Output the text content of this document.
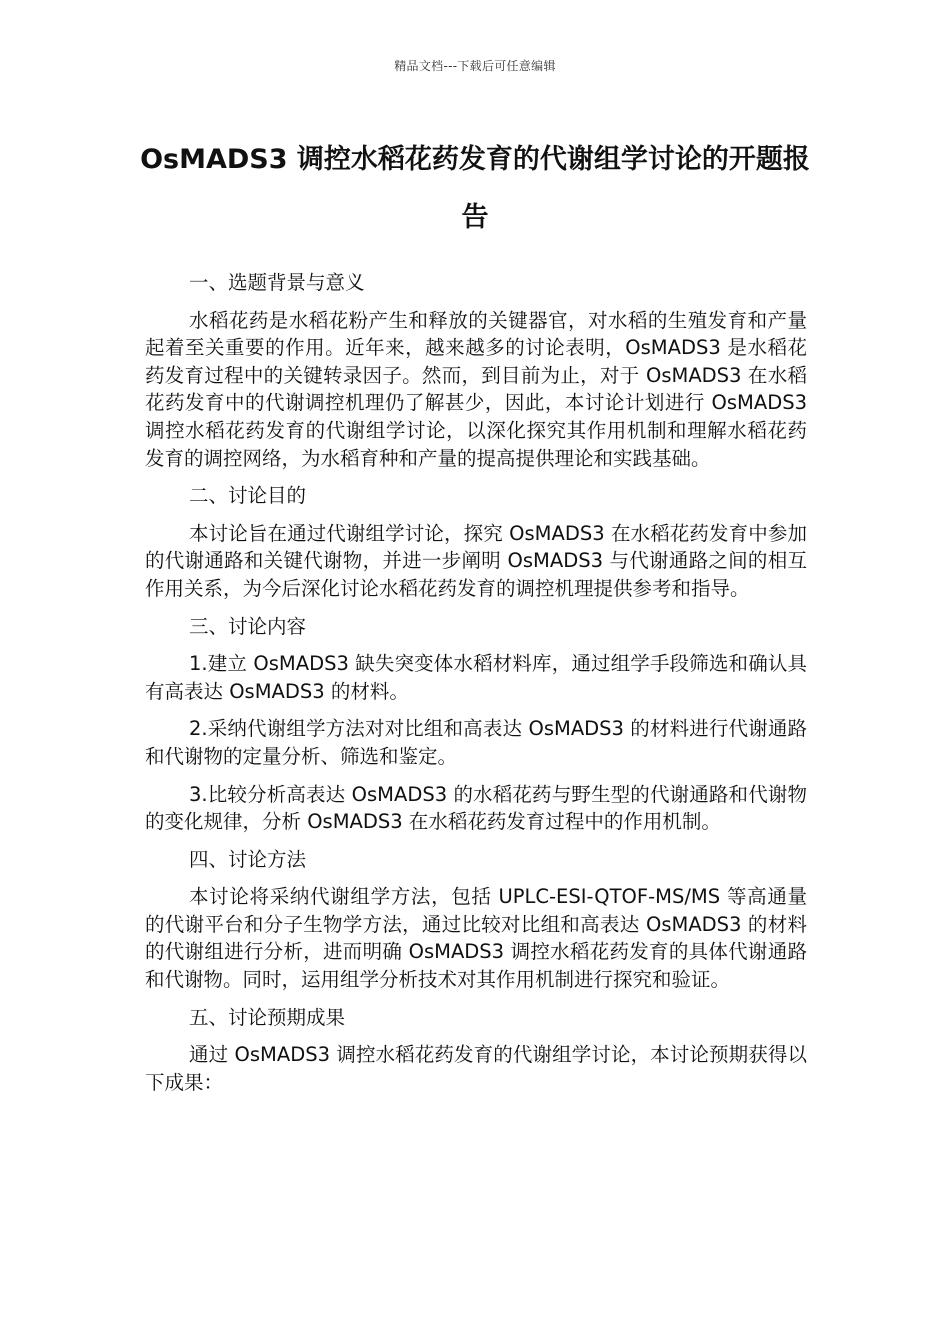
精品文档---下载后可任意编辑
OsMADS3 调控水稻花药发育的代谢组学讨论的开题报告

一、选题背景与意义

水稻花药是水稻花粉产生和释放的关键器官，对水稻的生殖发育和产量起着至关重要的作用。近年来，越来越多的讨论表明，OsMADS3 是水稻花药发育过程中的关键转录因子。然而，到目前为止，对于 OsMADS3 在水稻花药发育中的代谢调控机理仍了解甚少，因此，本讨论计划进行 OsMADS3 调控水稻花药发育的代谢组学讨论，以深化探究其作用机制和理解水稻花药发育的调控网络，为水稻育种和产量的提高提供理论和实践基础。

二、讨论目的

本讨论旨在通过代谢组学讨论，探究 OsMADS3 在水稻花药发育中参加的代谢通路和关键代谢物，并进一步阐明 OsMADS3 与代谢通路之间的相互作用关系，为今后深化讨论水稻花药发育的调控机理提供参考和指导。

三、讨论内容

1.建立 OsMADS3 缺失突变体水稻材料库，通过组学手段筛选和确认具有高表达 OsMADS3 的材料。

2.采纳代谢组学方法对对比组和高表达 OsMADS3 的材料进行代谢通路和代谢物的定量分析、筛选和鉴定。

3.比较分析高表达 OsMADS3 的水稻花药与野生型的代谢通路和代谢物的变化规律，分析 OsMADS3 在水稻花药发育过程中的作用机制。

四、讨论方法

本讨论将采纳代谢组学方法，包括 UPLC-ESI-QTOF-MS/MS 等高通量的代谢平台和分子生物学方法，通过比较对比组和高表达 OsMADS3 的材料的代谢组进行分析，进而明确 OsMADS3 调控水稻花药发育的具体代谢通路和代谢物。同时，运用组学分析技术对其作用机制进行探究和验证。

五、讨论预期成果

通过 OsMADS3 调控水稻花药发育的代谢组学讨论，本讨论预期获得以下成果：
